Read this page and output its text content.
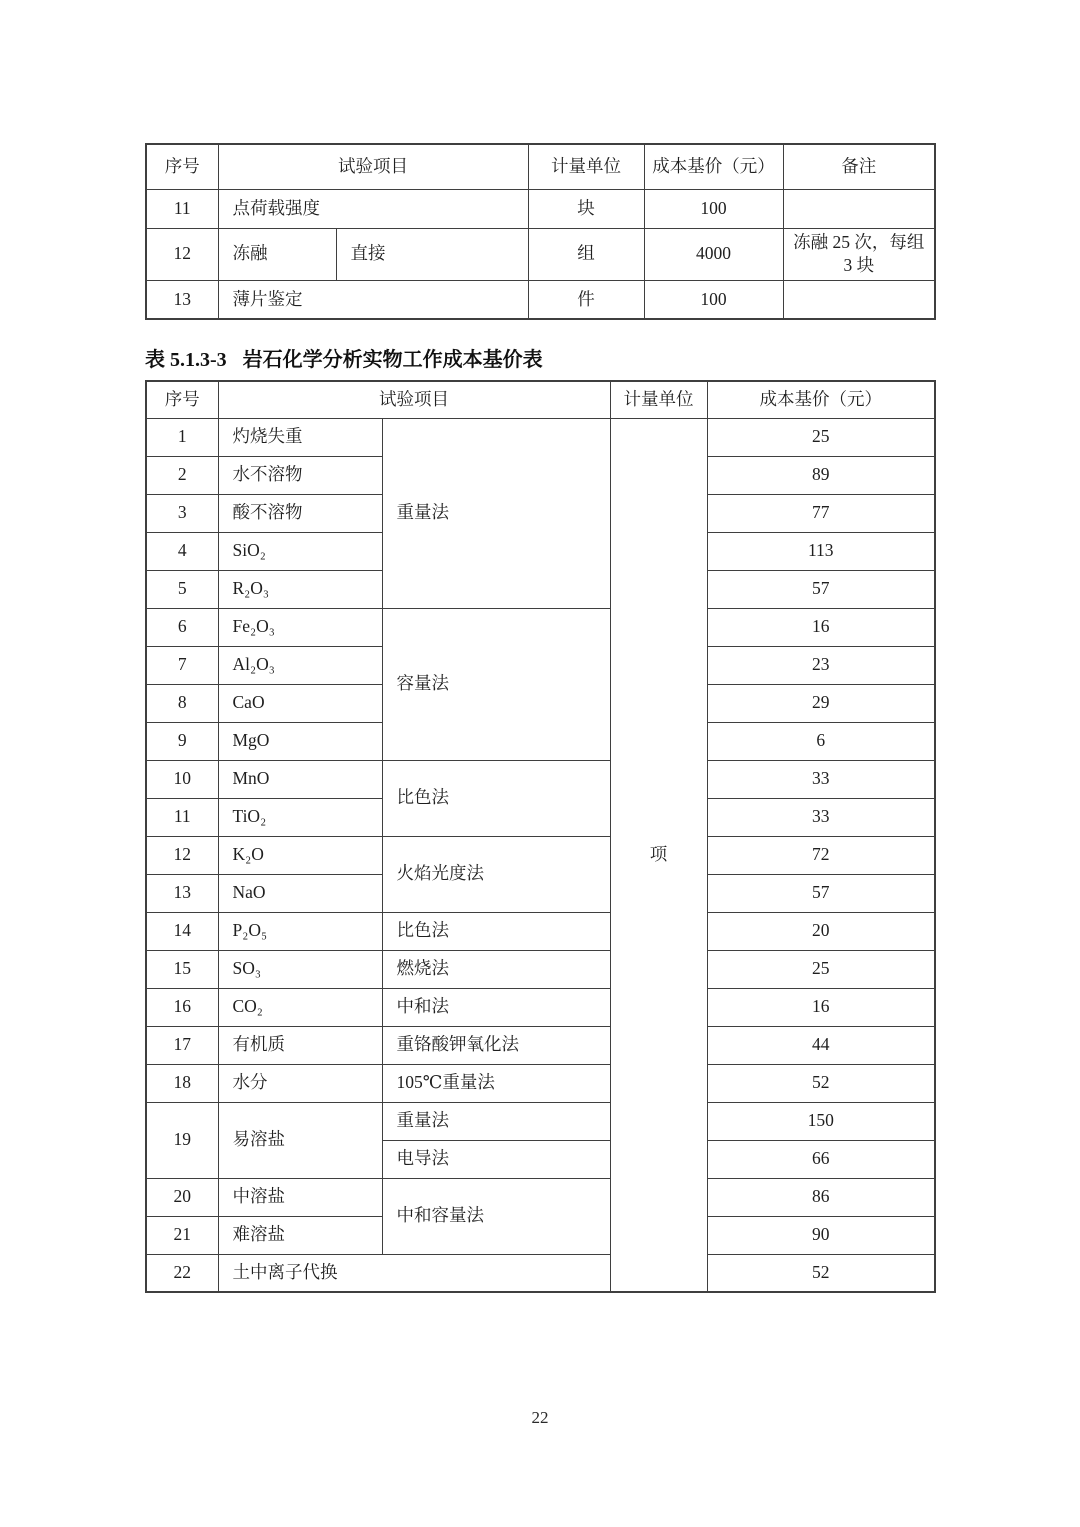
序号	试验项目		计量单位	成本基价（元）	备注
11	点荷载强度		块	100	
12	冻融	直接	组	4000	冻融 25 次，每组 3 块
13	薄片鉴定		件	100	
表 5.1.3-3 岩石化学分析实物工作成本基价表
序号	试验项目		计量单位	成本基价（元）
1	灼烧失重	重量法	项	25
2	水不溶物			89
3	酸不溶物			77
4	SiO₂			113
5	R₂O₃			57
6	Fe₂O₃	容量法		16
7	Al₂O₃			23
8	CaO			29
9	MgO			6
10	MnO	比色法		33
11	TiO₂			33
12	K₂O	火焰光度法		72
13	NaO			57
14	P₂O₅	比色法		20
15	SO₃	燃烧法		25
16	CO₂	中和法		16
17	有机质	重铬酸钾氧化法		44
18	水分	105℃重量法		52
19	易溶盐	重量法		150
		电导法		66
20	中溶盐	中和容量法		86
21	难溶盐			90
22	土中离子代换			52
22
